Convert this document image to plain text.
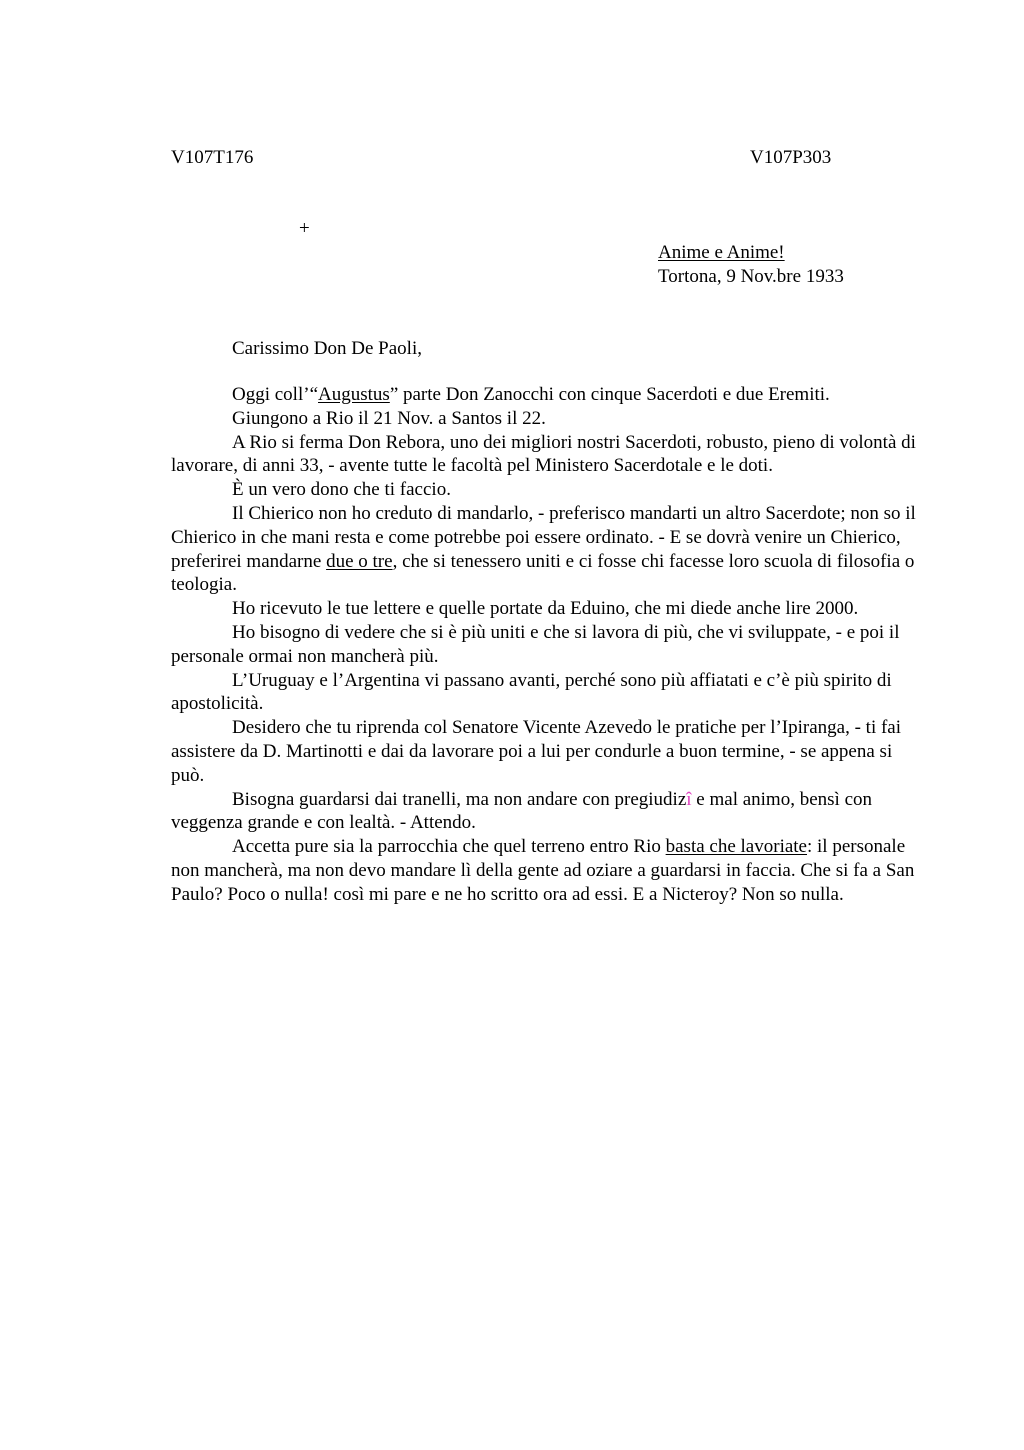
V107T176	V107P303
+
Anime e Anime!
Tortona, 9 Nov.bre 1933
Carissimo Don De Paoli,

Oggi coll’“Augustus” parte Don Zanocchi con cinque Sacerdoti e due Eremiti.

Giungono a Rio il 21 Nov. a Santos il 22.

A Rio si ferma Don Rebora, uno dei migliori nostri Sacerdoti, robusto, pieno di volontà di lavorare, di anni 33, - avente tutte le facoltà pel Ministero Sacerdotale e le doti.

È un vero dono che ti faccio.

Il Chierico non ho creduto di mandarlo, - preferisco mandarti un altro Sacerdote; non so il Chierico in che mani resta e come potrebbe poi essere ordinato. - E se dovrà venire un Chierico, preferirei mandarne due o tre, che si tenessero uniti e ci fosse chi facesse loro scuola di filosofia o teologia.

Ho ricevuto le tue lettere e quelle portate da Eduino, che mi diede anche lire 2000.

Ho bisogno di vedere che si è più uniti e che si lavora di più, che vi sviluppate, - e poi il personale ormai non mancherà più.

L’Uruguay e l’Argentina vi passano avanti, perché sono più affiatati e c’è più spirito di apostolicità.

Desidero che tu riprenda col Senatore Vicente Azevedo le pratiche per l’Ipiranga, - ti fai assistere da D. Martinotti e dai da lavorare poi a lui per condurle a buon termine, - se appena si può.

Bisogna guardarsi dai tranelli, ma non andare con pregiudizî e mal animo, bensì con veggenza grande e con lealtà. - Attendo.

Accetta pure sia la parrocchia che quel terreno entro Rio basta che lavoriate: il personale non mancherà, ma non devo mandare lì della gente ad oziare a guardarsi in faccia. Che si fa a San Paulo? Poco o nulla! così mi pare e ne ho scritto ora ad essi. E a Nicteroy? Non so nulla.
